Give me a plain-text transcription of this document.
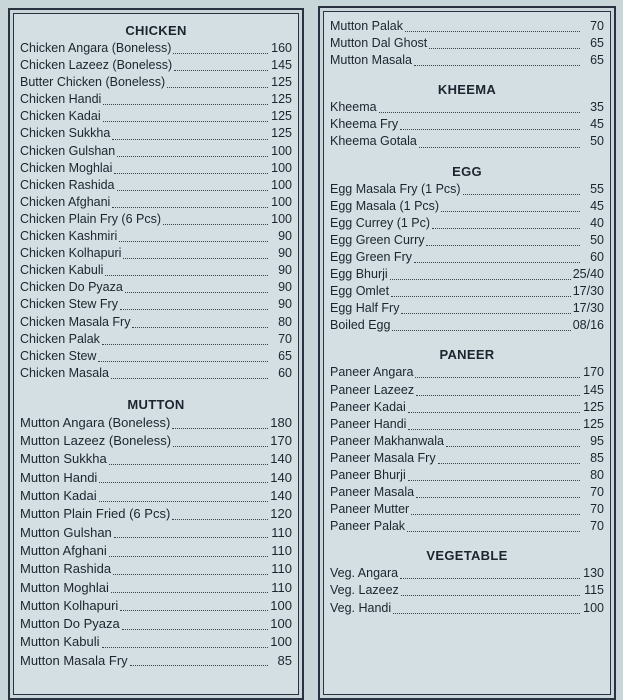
CHICKEN
Chicken Angara (Boneless)	160
Chicken Lazeez (Boneless)	145
Butter Chicken (Boneless)	125
Chicken Handi	125
Chicken Kadai	125
Chicken Sukkha	125
Chicken Gulshan	100
Chicken Moghlai	100
Chicken Rashida	100
Chicken Afghani	100
Chicken Plain Fry (6 Pcs)	100
Chicken Kashmiri	90
Chicken Kolhapuri	90
Chicken Kabuli	90
Chicken Do Pyaza	90
Chicken Stew Fry	90
Chicken Masala Fry	80
Chicken Palak	70
Chicken Stew	65
Chicken Masala	60
MUTTON
Mutton Angara (Boneless)	180
Mutton Lazeez (Boneless)	170
Mutton Sukkha	140
Mutton Handi	140
Mutton Kadai	140
Mutton Plain Fried (6 Pcs)	120
Mutton Gulshan	110
Mutton Afghani	110
Mutton Rashida	110
Mutton Moghlai	110
Mutton Kolhapuri	100
Mutton Do Pyaza	100
Mutton Kabuli	100
Mutton Masala Fry	85
Mutton Palak	70
Mutton Dal Ghost	65
Mutton Masala	65
KHEEMA
Kheema	35
Kheema Fry	45
Kheema Gotala	50
EGG
Egg Masala Fry (1 Pcs)	55
Egg Masala (1 Pcs)	45
Egg Currey (1 Pc)	40
Egg Green Curry	50
Egg Green Fry	60
Egg Bhurji	25/40
Egg Omlet	17/30
Egg Half Fry	17/30
Boiled Egg	08/16
PANEER
Paneer Angara	170
Paneer Lazeez	145
Paneer Kadai	125
Paneer Handi	125
Paneer Makhanwala	95
Paneer Masala Fry	85
Paneer Bhurji	80
Paneer Masala	70
Paneer Mutter	70
Paneer Palak	70
VEGETABLE
Veg. Angara	130
Veg. Lazeez	115
Veg. Handi	100
